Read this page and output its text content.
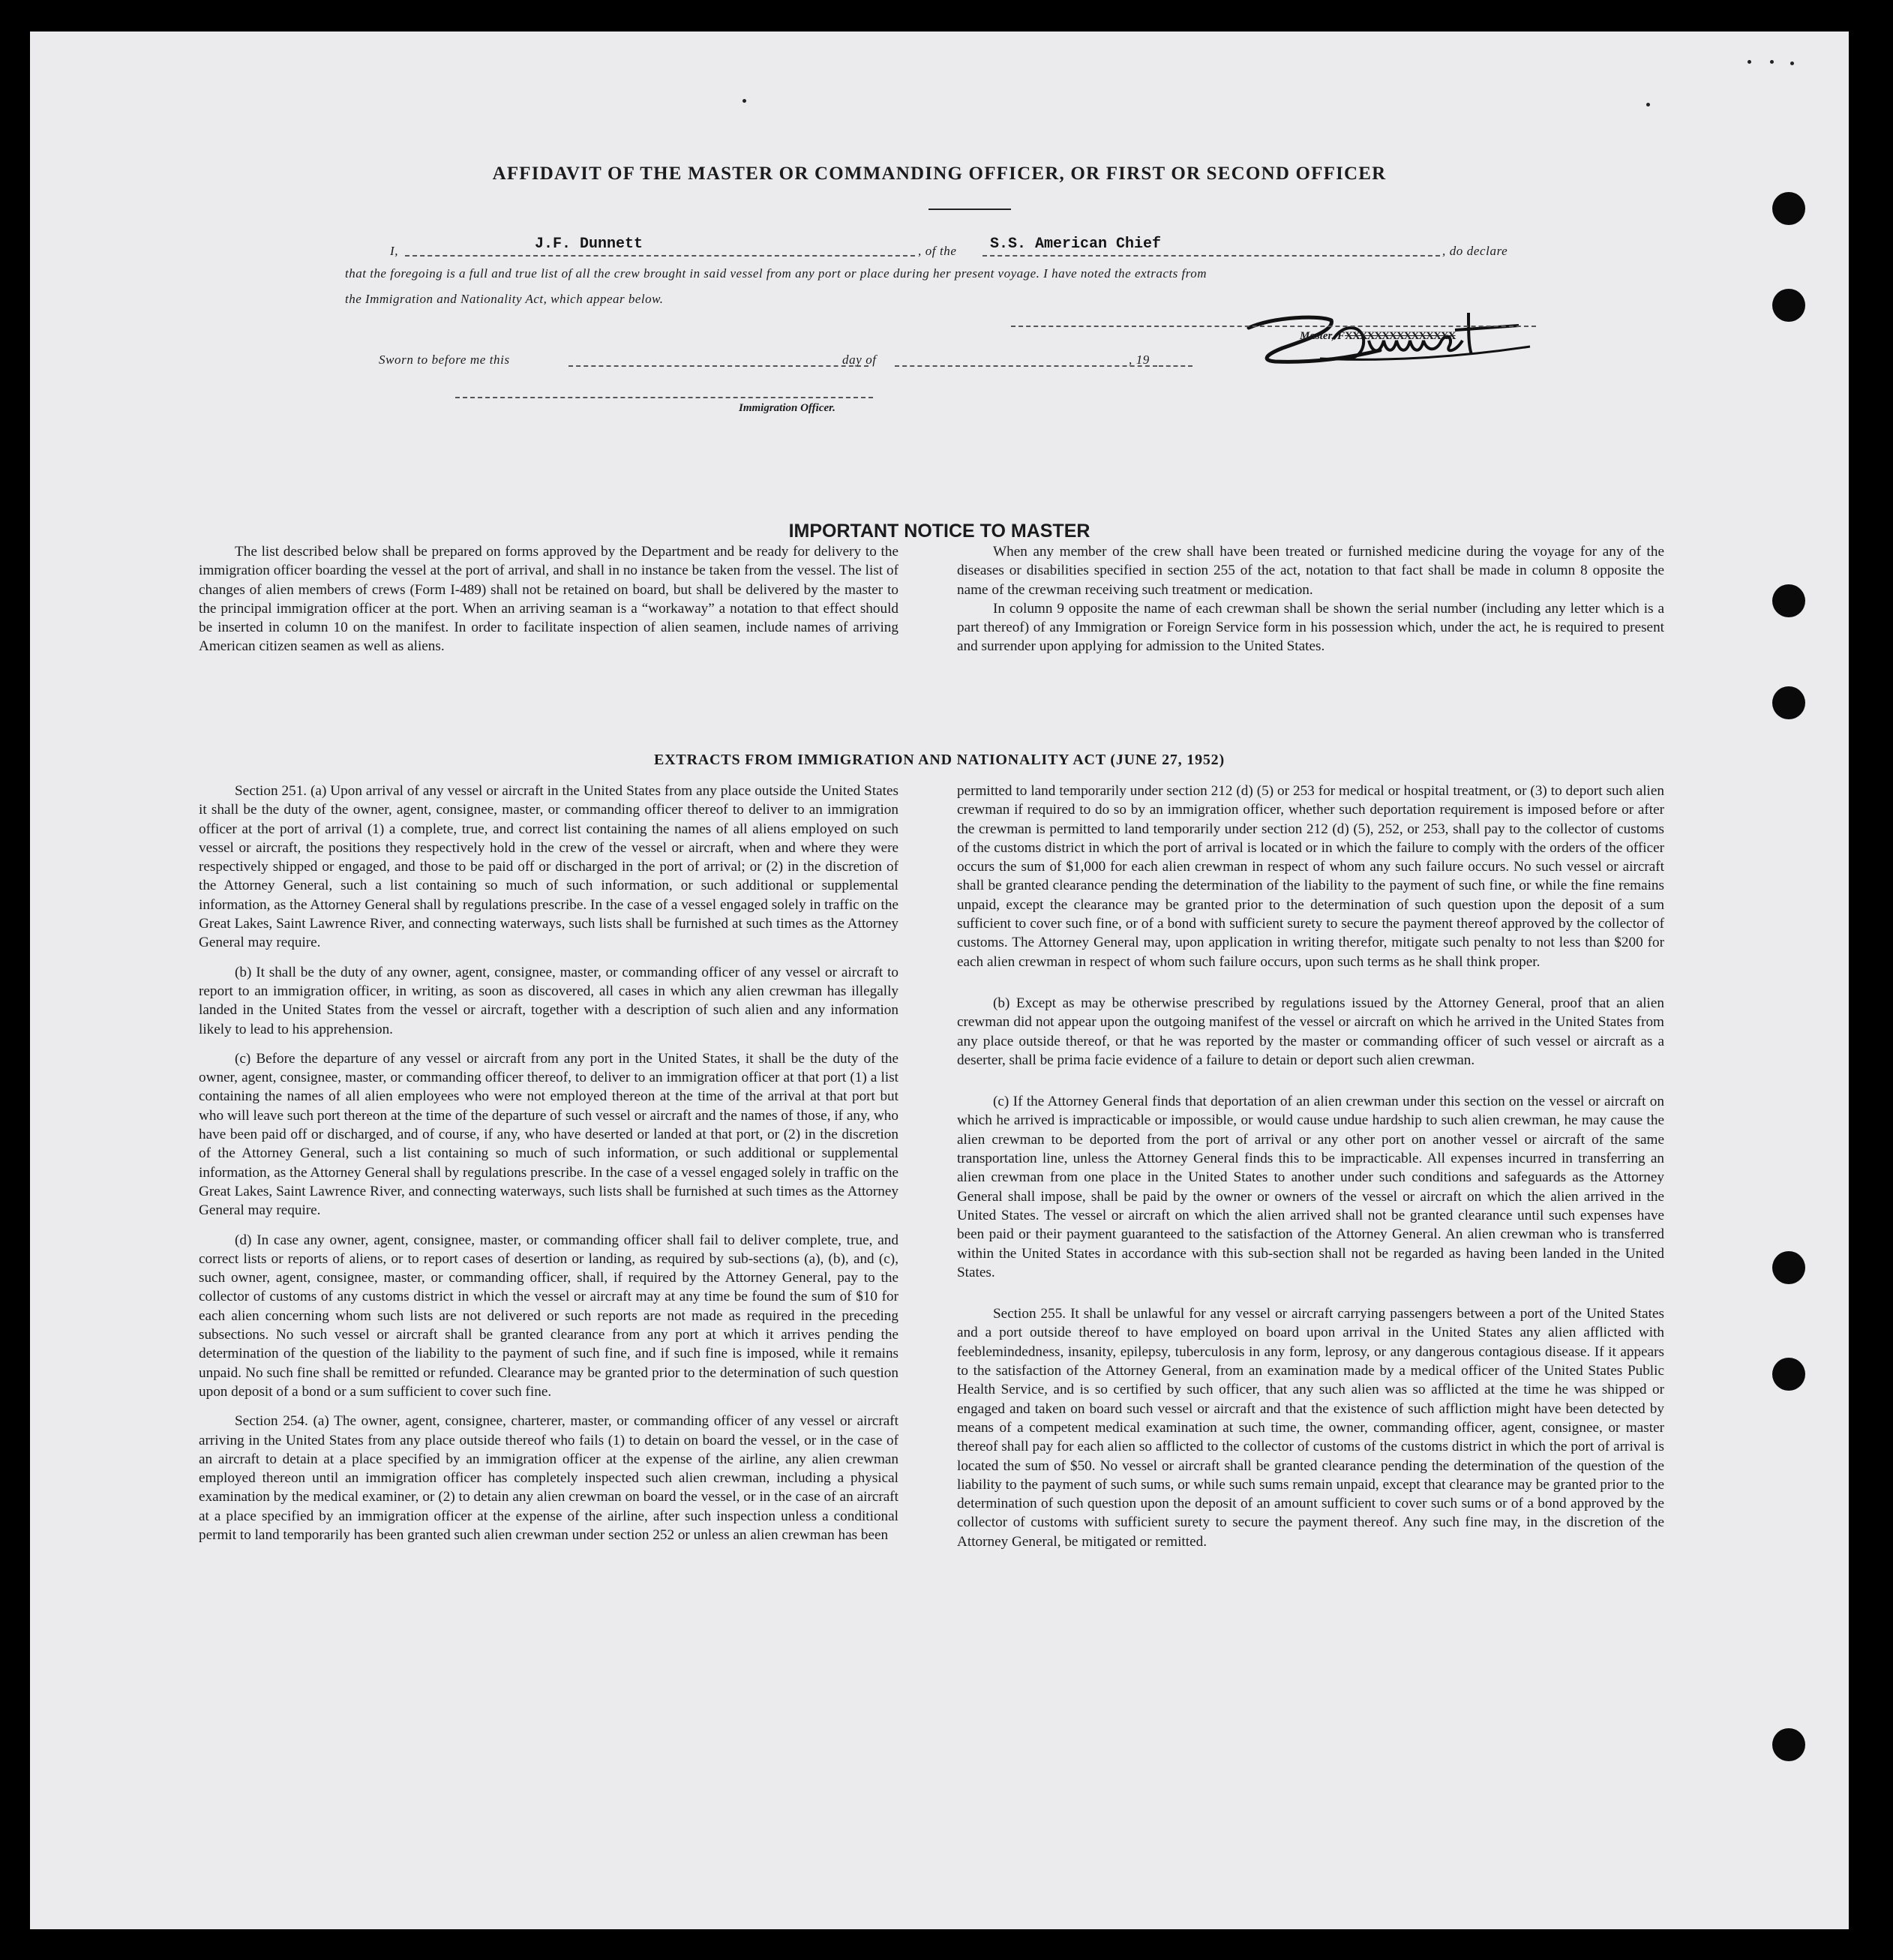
AFFIDAVIT OF THE MASTER OR COMMANDING OFFICER, OR FIRST OR SECOND OFFICER
I,	J.F. Dunnett	, of the S.S. American Chief	, do declare
that the foregoing is a full and true list of all the crew brought in said vessel from any port or place during her present voyage. I have noted the extracts from
the Immigration and Nationality Act, which appear below.
Master, FXXXXXXXXXXXXXXX
Sworn to before me this	day of	, 19
Immigration Officer.
IMPORTANT NOTICE TO MASTER

The list described below shall be prepared on forms approved by the Department and be ready for delivery to the immigration officer boarding the vessel at the port of arrival, and shall in no instance be taken from the vessel. The list of changes of alien members of crews (Form I-489) shall not be retained on board, but shall be delivered by the master to the principal immigration officer at the port. When an arriving seaman is a “workaway” a notation to that effect should be inserted in column 10 on the manifest. In order to facilitate inspection of alien seamen, include names of arriving American citizen seamen as well as aliens.

When any member of the crew shall have been treated or furnished medicine during the voyage for any of the diseases or disabilities specified in section 255 of the act, notation to that fact shall be made in column 8 opposite the name of the crewman receiving such treatment or medication.

In column 9 opposite the name of each crewman shall be shown the serial number (including any letter which is a part thereof) of any Immigration or Foreign Service form in his possession which, under the act, he is required to present and surrender upon applying for admission to the United States.

EXTRACTS FROM IMMIGRATION AND NATIONALITY ACT (JUNE 27, 1952)

Section 251. (a) Upon arrival of any vessel or aircraft in the United States from any place outside the United States it shall be the duty of the owner, agent, consignee, master, or commanding officer thereof to deliver to an immigration officer at the port of arrival (1) a complete, true, and correct list containing the names of all aliens employed on such vessel or aircraft, the positions they respectively hold in the crew of the vessel or aircraft, when and where they were respectively shipped or engaged, and those to be paid off or discharged in the port of arrival; or (2) in the discretion of the Attorney General, such a list containing so much of such information, or such additional or supplemental information, as the Attorney General shall by regulations prescribe. In the case of a vessel engaged solely in traffic on the Great Lakes, Saint Lawrence River, and connecting waterways, such lists shall be furnished at such times as the Attorney General may require.

(b) It shall be the duty of any owner, agent, consignee, master, or commanding officer of any vessel or aircraft to report to an immigration officer, in writing, as soon as discovered, all cases in which any alien crewman has illegally landed in the United States from the vessel or aircraft, together with a description of such alien and any information likely to lead to his apprehension.

(c) Before the departure of any vessel or aircraft from any port in the United States, it shall be the duty of the owner, agent, consignee, master, or commanding officer thereof, to deliver to an immigration officer at that port (1) a list containing the names of all alien employees who were not employed thereon at the time of the arrival at that port but who will leave such port thereon at the time of the departure of such vessel or aircraft and the names of those, if any, who have been paid off or discharged, and of course, if any, who have deserted or landed at that port, or (2) in the discretion of the Attorney General, such a list containing so much of such information, or such additional or supplemental information, as the Attorney General shall by regulations prescribe. In the case of a vessel engaged solely in traffic on the Great Lakes, Saint Lawrence River, and connecting waterways, such lists shall be furnished at such times as the Attorney General may require.

(d) In case any owner, agent, consignee, master, or commanding officer shall fail to deliver complete, true, and correct lists or reports of aliens, or to report cases of desertion or landing, as required by sub-sections (a), (b), and (c), such owner, agent, consignee, master, or commanding officer, shall, if required by the Attorney General, pay to the collector of customs of any customs district in which the vessel or aircraft may at any time be found the sum of $10 for each alien concerning whom such lists are not delivered or such reports are not made as required in the preceding subsections. No such vessel or aircraft shall be granted clearance from any port at which it arrives pending the determination of the question of the liability to the payment of such fine, and if such fine is imposed, while it remains unpaid. No such fine shall be remitted or refunded. Clearance may be granted prior to the determination of such question upon deposit of a bond or a sum sufficient to cover such fine.

Section 254. (a) The owner, agent, consignee, charterer, master, or commanding officer of any vessel or aircraft arriving in the United States from any place outside thereof who fails (1) to detain on board the vessel, or in the case of an aircraft to detain at a place specified by an immigration officer at the expense of the airline, any alien crewman employed thereon until an immigration officer has completely inspected such alien crewman, including a physical examination by the medical examiner, or (2) to detain any alien crewman on board the vessel, or in the case of an aircraft at a place specified by an immigration officer at the expense of the airline, after such inspection unless a conditional permit to land temporarily has been granted such alien crewman under section 252 or unless an alien crewman has been

permitted to land temporarily under section 212 (d) (5) or 253 for medical or hospital treatment, or (3) to deport such alien crewman if required to do so by an immigration officer, whether such deportation requirement is imposed before or after the crewman is permitted to land temporarily under section 212 (d) (5), 252, or 253, shall pay to the collector of customs of the customs district in which the port of arrival is located or in which the failure to comply with the orders of the officer occurs the sum of $1,000 for each alien crewman in respect of whom any such failure occurs. No such vessel or aircraft shall be granted clearance pending the determination of the liability to the payment of such fine, or while the fine remains unpaid, except the clearance may be granted prior to the determination of such question upon the deposit of a sum sufficient to cover such fine, or of a bond with sufficient surety to secure the payment thereof approved by the collector of customs. The Attorney General may, upon application in writing therefor, mitigate such penalty to not less than $200 for each alien crewman in respect of whom such failure occurs, upon such terms as he shall think proper.

(b) Except as may be otherwise prescribed by regulations issued by the Attorney General, proof that an alien crewman did not appear upon the outgoing manifest of the vessel or aircraft on which he arrived in the United States from any place outside thereof, or that he was reported by the master or commanding officer of such vessel or aircraft as a deserter, shall be prima facie evidence of a failure to detain or deport such alien crewman.

(c) If the Attorney General finds that deportation of an alien crewman under this section on the vessel or aircraft on which he arrived is impracticable or impossible, or would cause undue hardship to such alien crewman, he may cause the alien crewman to be deported from the port of arrival or any other port on another vessel or aircraft of the same transportation line, unless the Attorney General finds this to be impracticable. All expenses incurred in transferring an alien crewman from one place in the United States to another under such conditions and safeguards as the Attorney General shall impose, shall be paid by the owner or owners of the vessel or aircraft on which the alien arrived in the United States. The vessel or aircraft on which the alien arrived shall not be granted clearance until such expenses have been paid or their payment guaranteed to the satisfaction of the Attorney General. An alien crewman who is transferred within the United States in accordance with this sub-section shall not be regarded as having been landed in the United States.

Section 255. It shall be unlawful for any vessel or aircraft carrying passengers between a port of the United States and a port outside thereof to have employed on board upon arrival in the United States any alien afflicted with feeblemindedness, insanity, epilepsy, tuberculosis in any form, leprosy, or any dangerous contagious disease. If it appears to the satisfaction of the Attorney General, from an examination made by a medical officer of the United States Public Health Service, and is so certified by such officer, that any such alien was so afflicted at the time he was shipped or engaged and taken on board such vessel or aircraft and that the existence of such affliction might have been detected by means of a competent medical examination at such time, the owner, commanding officer, agent, consignee, or master thereof shall pay for each alien so afflicted to the collector of customs of the customs district in which the port of arrival is located the sum of $50. No vessel or aircraft shall be granted clearance pending the determination of the question of the liability to the payment of such sums, or while such sums remain unpaid, except that clearance may be granted prior to the determination of such question upon the deposit of an amount sufficient to cover such sums or of a bond approved by the collector of customs with sufficient surety to secure the payment thereof. Any such fine may, in the discretion of the Attorney General, be mitigated or remitted.
